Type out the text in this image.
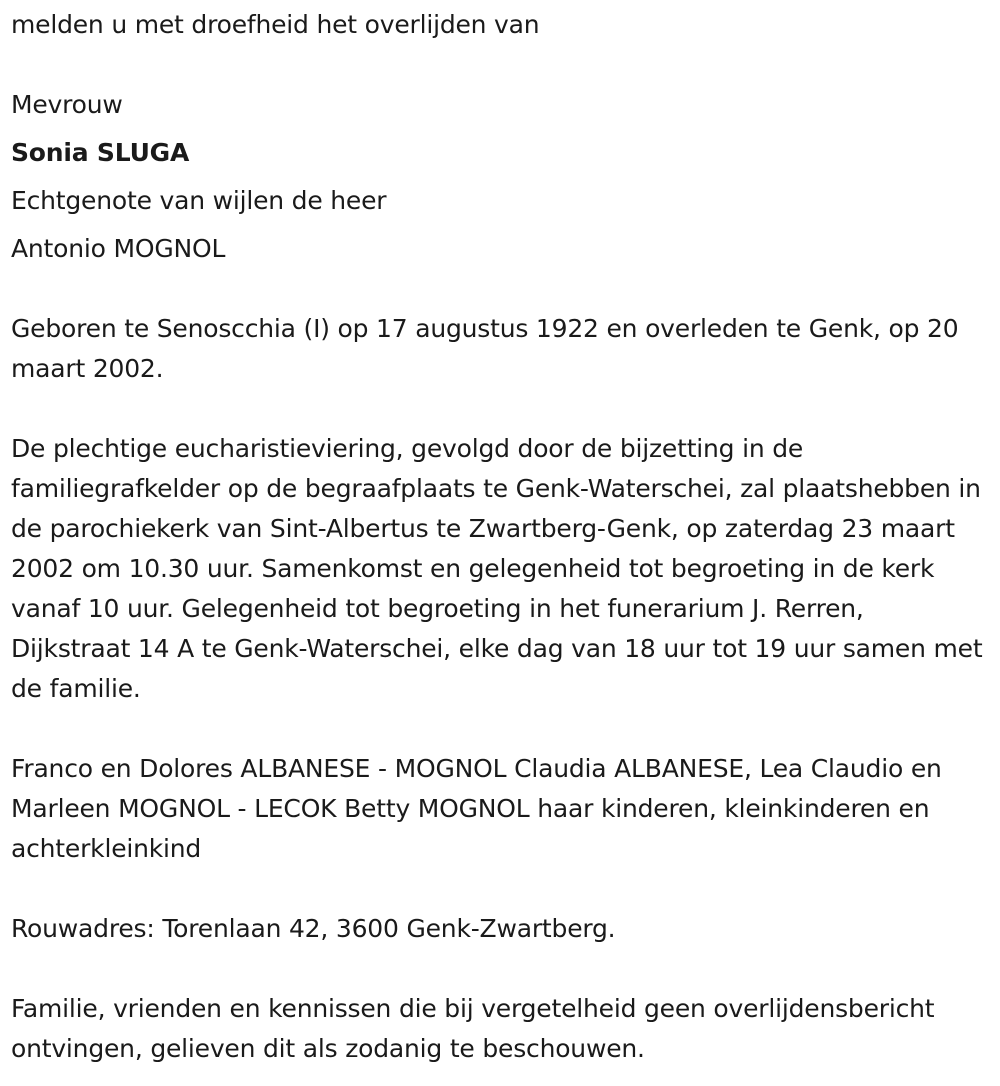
melden u met droefheid het overlijden van

Mevrouw

Sonia SLUGA

Echtgenote van wijlen de heer

Antonio MOGNOL

Geboren te Senoscchia (I) op 17 augustus 1922 en overleden te Genk, op 20 maart 2002.

De plechtige eucharistieviering, gevolgd door de bijzetting in de familiegrafkelder op de begraafplaats te Genk-Waterschei, zal plaatshebben in de parochiekerk van Sint-Albertus te Zwartberg-Genk, op zaterdag 23 maart 2002 om 10.30 uur. Samenkomst en gelegenheid tot begroeting in de kerk vanaf 10 uur. Gelegenheid tot begroeting in het funerarium J. Rerren, Dijkstraat 14 A te Genk-Waterschei, elke dag van 18 uur tot 19 uur samen met de familie.

Franco en Dolores ALBANESE - MOGNOL Claudia ALBANESE, Lea Claudio en Marleen MOGNOL - LECOK Betty MOGNOL haar kinderen, kleinkinderen en achterkleinkind

Rouwadres: Torenlaan 42, 3600 Genk-Zwartberg.

Familie, vrienden en kennissen die bij vergetelheid geen overlijdensbericht ontvingen, gelieven dit als zodanig te beschouwen.
